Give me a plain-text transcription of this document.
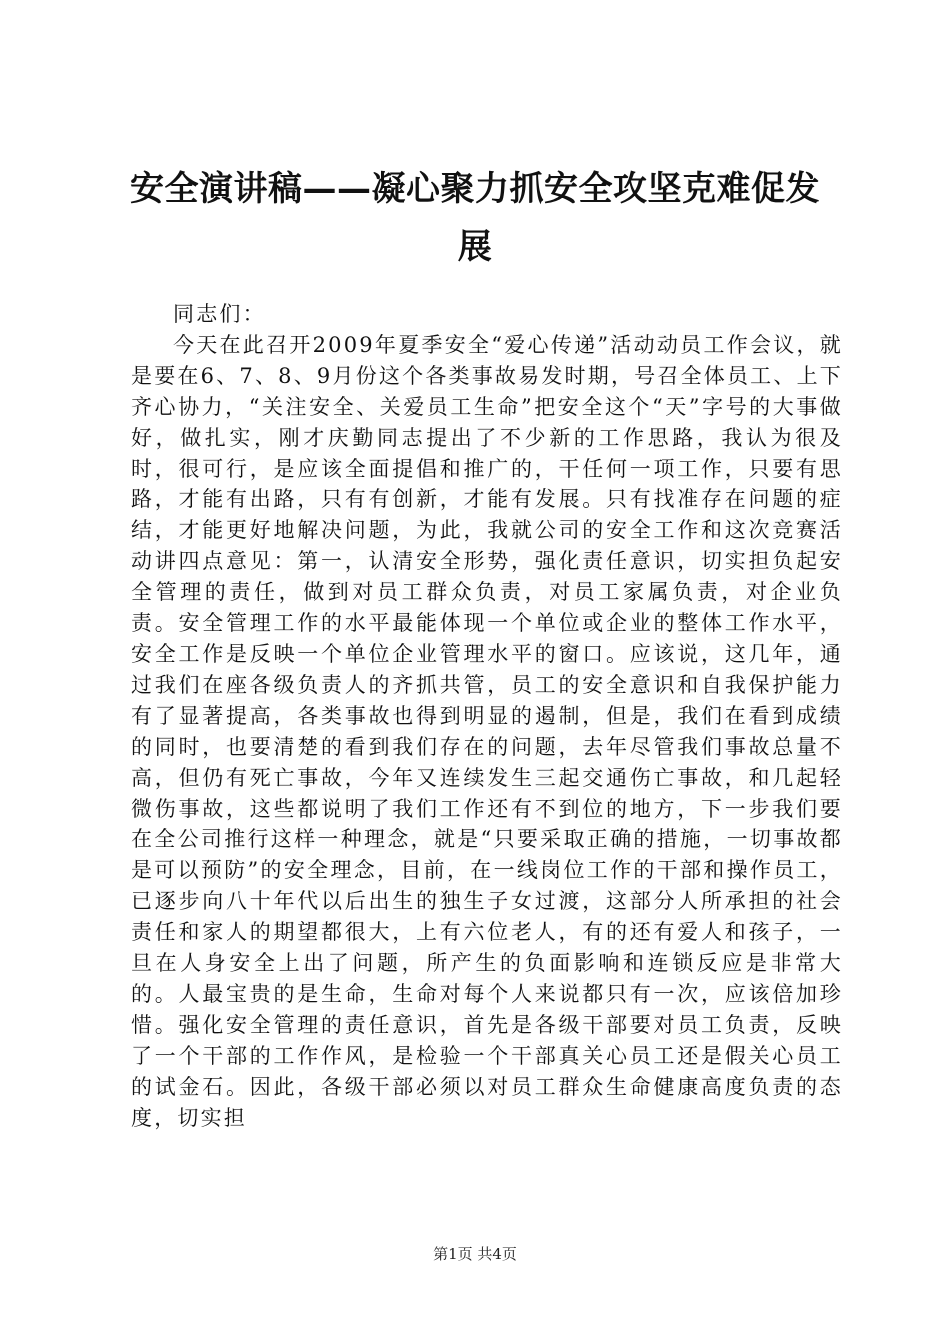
安全演讲稿——凝心聚力抓安全攻坚克难促发展

同志们：

今天在此召开2009年夏季安全“爱心传递”活动动员工作会议，就是要在6、7、8、9月份这个各类事故易发时期，号召全体员工、上下齐心协力，“关注安全、关爱员工生命”把安全这个“天”字号的大事做好，做扎实，刚才庆勤同志提出了不少新的工作思路，我认为很及时，很可行，是应该全面提倡和推广的，干任何一项工作，只要有思路，才能有出路，只有有创新，才能有发展。只有找准存在问题的症结，才能更好地解决问题，为此，我就公司的安全工作和这次竞赛活动讲四点意见：第一，认清安全形势，强化责任意识，切实担负起安全管理的责任，做到对员工群众负责，对员工家属负责，对企业负责。安全管理工作的水平最能体现一个单位或企业的整体工作水平，安全工作是反映一个单位企业管理水平的窗口。应该说，这几年，通过我们在座各级负责人的齐抓共管，员工的安全意识和自我保护能力有了显著提高，各类事故也得到明显的遏制，但是，我们在看到成绩的同时，也要清楚的看到我们存在的问题，去年尽管我们事故总量不高，但仍有死亡事故，今年又连续发生三起交通伤亡事故，和几起轻微伤事故，这些都说明了我们工作还有不到位的地方，下一步我们要在全公司推行这样一种理念，就是“只要采取正确的措施，一切事故都是可以预防”的安全理念，目前，在一线岗位工作的干部和操作员工，已逐步向八十年代以后出生的独生子女过渡，这部分人所承担的社会责任和家人的期望都很大，上有六位老人，有的还有爱人和孩子，一旦在人身安全上出了问题，所产生的负面影响和连锁反应是非常大的。人最宝贵的是生命，生命对每个人来说都只有一次，应该倍加珍惜。强化安全管理的责任意识，首先是各级干部要对员工负责，反映了一个干部的工作作风，是检验一个干部真关心员工还是假关心员工的试金石。因此，各级干部必须以对员工群众生命健康高度负责的态度，切实担

第1页 共4页
